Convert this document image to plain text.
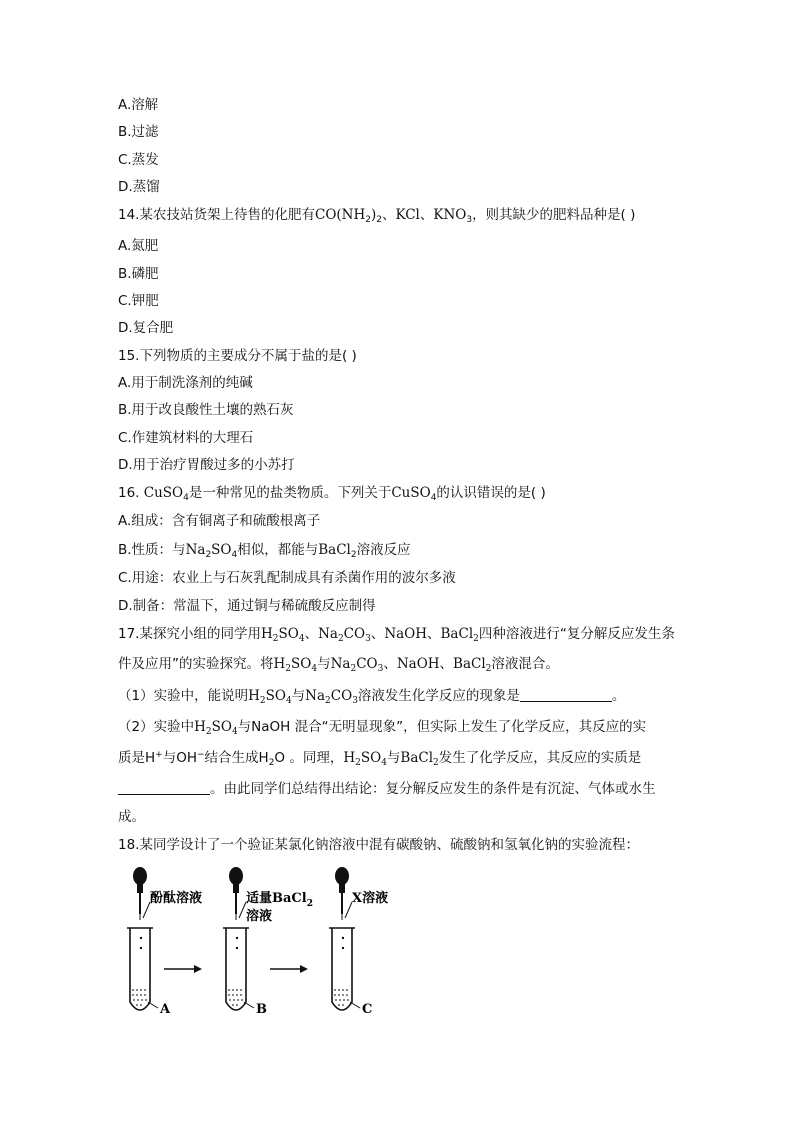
A.溶解
B.过滤
C.蒸发
D.蒸馏
14.某农技站货架上待售的化肥有$CO(NH_2)_2$、KCl、$KNO_3$，则其缺少的肥料品种是( )
A.氮肥
B.磷肥
C.钾肥
D.复合肥
15.下列物质的主要成分不属于盐的是( )
A.用于制洗涤剂的纯碱
B.用于改良酸性土壤的熟石灰
C.作建筑材料的大理石
D.用于治疗胃酸过多的小苏打
16. CuSO$_4$是一种常见的盐类物质。下列关于CuSO$_4$的认识错误的是( )
A.组成：含有铜离子和硫酸根离子
B.性质：与$Na_2SO_4$相似，都能与BaCl$_2$溶液反应
C.用途：农业上与石灰乳配制成具有杀菌作用的波尔多液
D.制备：常温下，通过铜与稀硫酸反应制得
17.某探究小组的同学用$H_2SO_4$、$Na_2CO_3$、NaOH、BaCl$_2$四种溶液进行“复分解反应发生条
件及应用”的实验探究。将$H_2SO_4$与$Na_2CO_3$、NaOH、BaCl$_2$溶液混合。
（1）实验中，能说明$H_2SO_4$与$Na_2CO_3$溶液发生化学反应的现象是	。
（2）实验中$H_2SO_4$与NaOH 混合“无明显现象”，但实际上发生了化学反应，其反应的实
质是H+与OH−结合生成$H_2O$ 。同理，$H_2SO_4$与BaCl$_2$发生了化学反应，其反应的实质是
。由此同学们总结得出结论：复分解反应发生的条件是有沉淀、气体或水生
成。
18.某同学设计了一个验证某氯化钠溶液中混有碳酸钠、硫酸钠和氢氧化钠的实验流程：
酚酞溶液	适量BaCl$_2$
溶液
X溶液
A	B	C
